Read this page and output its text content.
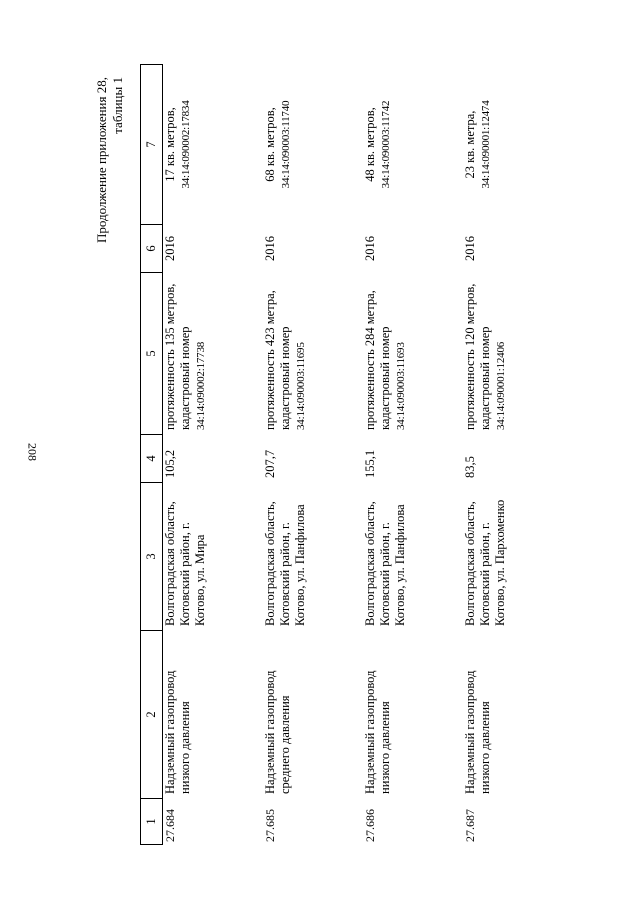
208
Продолжение приложения 28, таблицы 1
1	2	3	4	5	6	7
27.684	Надземный газопровод низкого давления	Волгоградская область, Котовский район, г. Котово, ул. Мира	105,2	протяженность 135 метров, кадастровый номер 34:14:090002:17738	2016	17 кв. метров, 34:14:090002:17834
27.685	Надземный газопровод среднего давления	Волгоградская область, Котовский район, г. Котово, ул. Панфилова	207,7	протяженность 423 метра, кадастровый номер 34:14:090003:11695	2016	68 кв. метров, 34:14:090003:11740
27.686	Надземный газопровод низкого давления	Волгоградская область, Котовский район, г. Котово, ул. Панфилова	155,1	протяженность 284 метра, кадастровый номер 34:14:090003:11693	2016	48 кв. метров, 34:14:090003:11742
27.687	Надземный газопровод низкого давления	Волгоградская область, Котовский район, г. Котово, ул. Пархоменко	83,5	протяженность 120 метров, кадастровый номер 34:14:090001:12406	2016	23 кв. метра, 34:14:090001:12474
